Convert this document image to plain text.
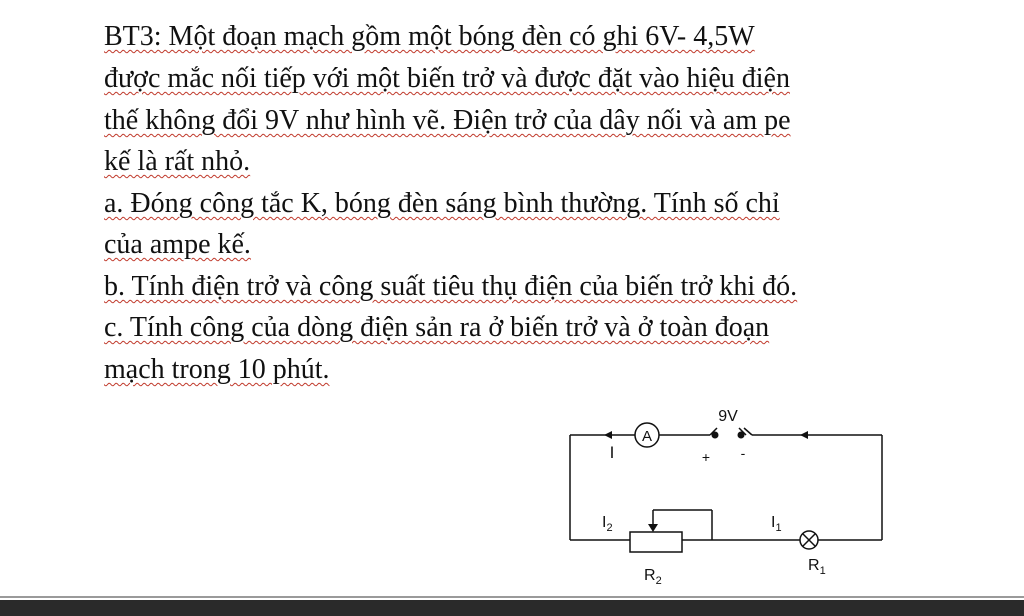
BT3: Một đoạn mạch gồm một bóng đèn có ghi 6V- 4,5W
được mắc nối tiếp với một biến trở và được đặt vào hiệu điện
thế không đổi 9V như hình vẽ. Điện trở của dây nối và am pe
kế là rất nhỏ.
a. Đóng công tắc K, bóng đèn sáng bình thường. Tính số chỉ
của ampe kế.
b. Tính điện trở và công suất tiêu thụ điện của biến trở khi đó.
c. Tính công của dòng điện sản ra ở biến trở và ở toàn đoạn
mạch trong 10 phút.
A
I
9V
+ -
$I_2$	$I_1$
$R_2$
$R_1$
